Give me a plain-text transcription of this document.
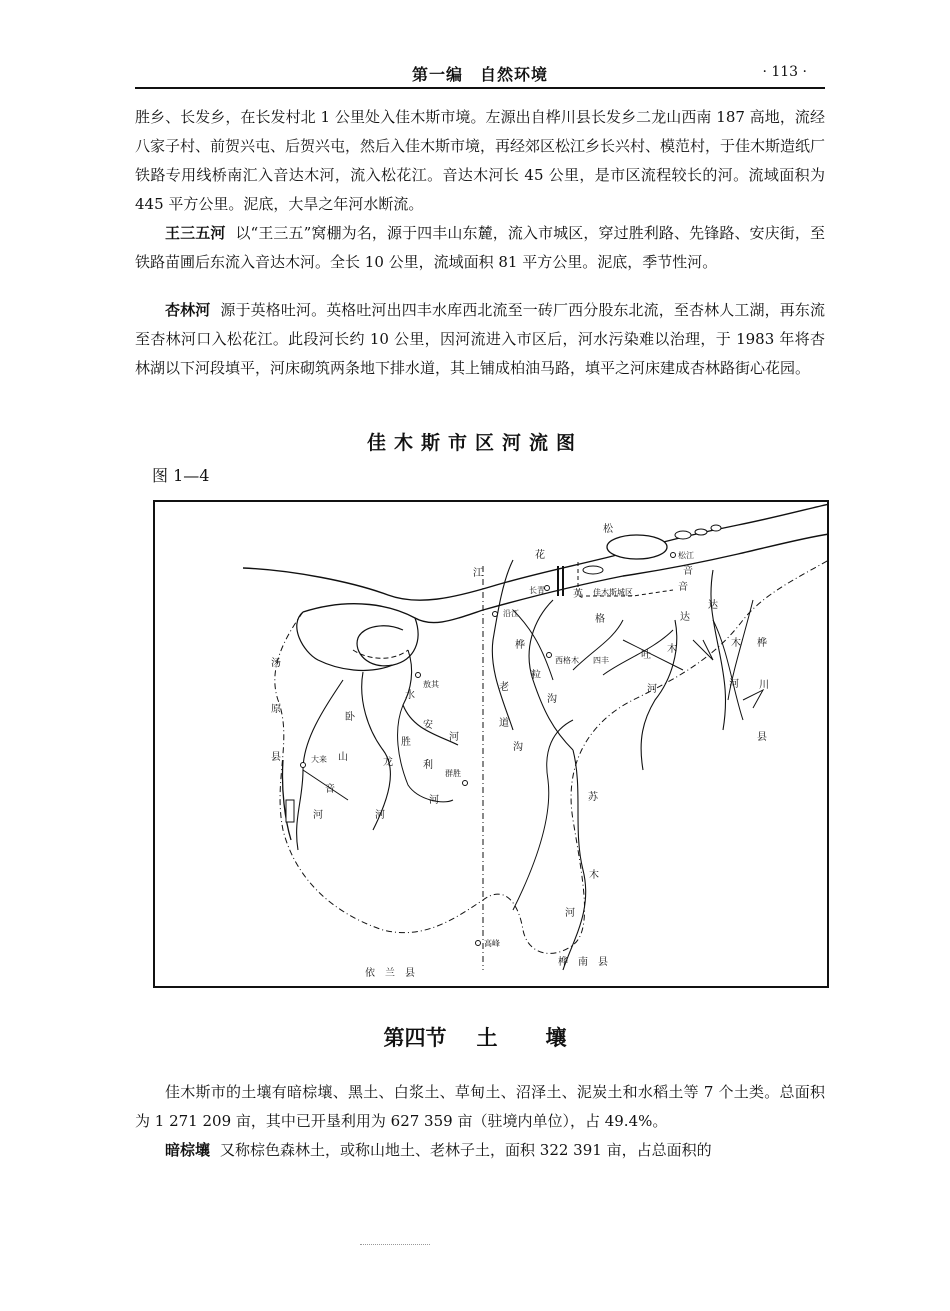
第一编　自然环境	· 113 ·

胜乡、长发乡，在长发村北 1 公里处入佳木斯市境。左源出自桦川县长发乡二龙山西南 187 高地，流经八家子村、前贺兴屯、后贺兴屯，然后入佳木斯市境，再经郊区松江乡长兴村、模范村，于佳木斯造纸厂铁路专用线桥南汇入音达木河，流入松花江。音达木河长 45 公里，是市区流程较长的河。流域面积为 445 平方公里。泥底，大旱之年河水断流。

王三五河 以“王三五”窝棚为名，源于四丰山东麓，流入市城区，穿过胜利路、先锋路、安庆街，至铁路苗圃后东流入音达木河。全长 10 公里，流域面积 81 平方公里。泥底，季节性河。

杏林河 源于英格吐河。英格吐河出四丰水库西北流至一砖厂西分股东北流，至杏林人工湖，再东流至杏林河口入松花江。此段河长约 10 公里，因河流进入市区后，河水污染难以治理，于 1983 年将杏林湖以下河段填平，河床砌筑两条地下排水道，其上铺成柏油马路，填平之河床建成杏林路街心花园。

佳木斯市区河流图
图 1—4
松
花
江
松江
音
音
达
达
木 桦
河 川
县
长青	英 佳木斯城区
沿江
格
西格木 四丰	吐
河
木
桦
粒
沟
老
道
沟
汤
原
县
水
敖其
安
河
卧
山
胜
龙	利
群胜
河
大来
音
河	河
苏
木
河
高峰
依　兰　县
桦　南　县
第四节 土 壤

佳木斯市的土壤有暗棕壤、黑土、白浆土、草甸土、沼泽土、泥炭土和水稻土等 7 个土类。总面积为 1 271 209 亩，其中已开垦利用为 627 359 亩（驻境内单位），占 49.4%。

暗棕壤 又称棕色森林土，或称山地土、老林子土，面积 322 391 亩，占总面积的
